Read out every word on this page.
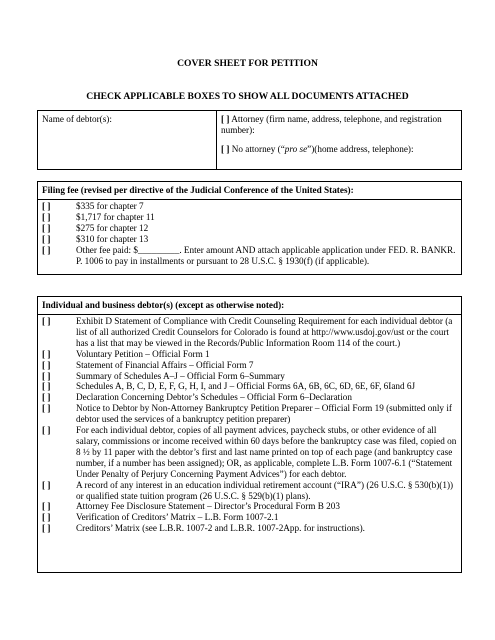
COVER SHEET FOR PETITION
CHECK APPLICABLE BOXES TO SHOW ALL DOCUMENTS ATTACHED
Name of debtor(s):	[ ] Attorney (firm name, address, telephone, and registration number):
[ ] No attorney (“pro se”)(home address, telephone):
Filing fee (revised per directive of the Judicial Conference of the United States):
[ ]	$335 for chapter 7
[ ]	$1,717 for chapter 11
[ ]	$275 for chapter 12
[ ]	$310 for chapter 13
[ ]	Other fee paid: $_________. Enter amount AND attach applicable application under FED. R. BANKR. P. 1006 to pay in installments or pursuant to 28 U.S.C. § 1930(f) (if applicable).
Individual and business debtor(s) (except as otherwise noted):
[ ]	Exhibit D Statement of Compliance with Credit Counseling Requirement for each individual debtor (a list of all authorized Credit Counselors for Colorado is found at http://www.usdoj.gov/ust or the court has a list that may be viewed in the Records/Public Information Room 114 of the court.)
[ ]	Voluntary Petition – Official Form 1
[ ]	Statement of Financial Affairs – Official Form 7
[ ]	Summary of Schedules A–J – Official Form 6–Summary
[ ]	Schedules A, B, C, D, E, F, G, H, I, and J – Official Forms 6A, 6B, 6C, 6D, 6E, 6F, 6Iand 6J
[ ]	Declaration Concerning Debtor’s Schedules – Official Form 6–Declaration
[ ]	Notice to Debtor by Non-Attorney Bankruptcy Petition Preparer – Official Form 19 (submitted only if debtor used the services of a bankruptcy petition preparer)
[ ]	For each individual debtor, copies of all payment advices, paycheck stubs, or other evidence of all salary, commissions or income received within 60 days before the bankruptcy case was filed, copied on 8 ½ by 11 paper with the debtor’s first and last name printed on top of each page (and bankruptcy case number, if a number has been assigned); OR, as applicable, complete L.B. Form 1007-6.1 (“Statement Under Penalty of Perjury Concerning Payment Advices”) for each debtor.
[ ]	A record of any interest in an education individual retirement account (“IRA”) (26 U.S.C. § 530(b)(1)) or qualified state tuition program (26 U.S.C. § 529(b)(1) plans).
[ ]	Attorney Fee Disclosure Statement – Director’s Procedural Form B 203
[ ]	Verification of Creditors’ Matrix – L.B. Form 1007-2.1
[ ]	Creditors’ Matrix (see L.B.R. 1007-2 and L.B.R. 1007-2App. for instructions).
